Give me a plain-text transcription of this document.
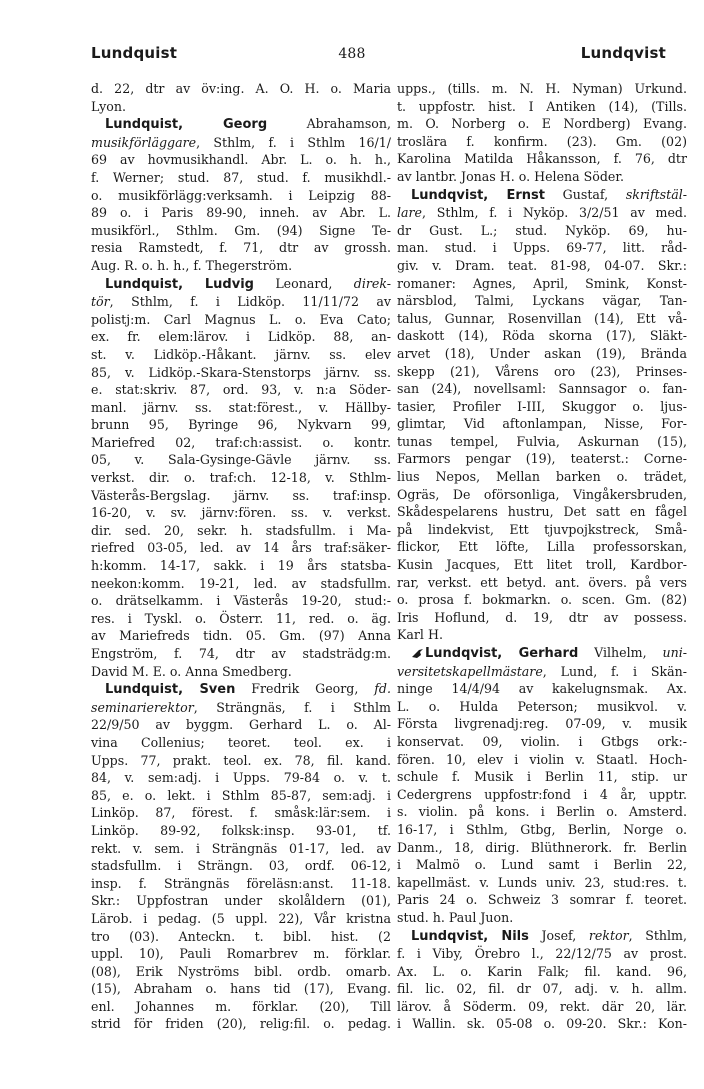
Lundquist	488	Lundqvist
d. 22, dtr av öv:ing. A. O. H. o. Maria
Lyon.
Lundquist, Georg Abrahamson,
musikförläggare, Sthlm, f. i Sthlm 16/1/
69 av hovmusikhandl. Abr. L. o. h. h.,
f. Werner; stud. 87, stud. f. musikhdl.-
o. musikförlägg:verksamh. i Leipzig 88-
89 o. i Paris 89-90, inneh. av Abr. L.
musikförl., Sthlm. Gm. (94) Signe Te-
resia Ramstedt, f. 71, dtr av grossh.
Aug. R. o. h. h., f. Thegerström.
Lundquist, Ludvig Leonard, direk-
tör, Sthlm, f. i Lidköp. 11/11/72 av
polistj:m. Carl Magnus L. o. Eva Cato;
ex. fr. elem:lärov. i Lidköp. 88, an-
st. v. Lidköp.-Håkant. järnv. ss. elev
85, v. Lidköp.-Skara-Stenstorps järnv. ss.
e. stat:skriv. 87, ord. 93, v. n:a Söder-
manl. järnv. ss. stat:förest., v. Hällby-
brunn 95, Byringe 96, Nykvarn 99,
Mariefred 02, traf:ch:assist. o. kontr.
05, v. Sala-Gysinge-Gävle järnv. ss.
verkst. dir. o. traf:ch. 12-18, v. Sthlm-
Västerås-Bergslag. järnv. ss. traf:insp.
16-20, v. sv. järnv:fören. ss. v. verkst.
dir. sed. 20, sekr. h. stadsfullm. i Ma-
riefred 03-05, led. av 14 års traf:säker-
h:komm. 14-17, sakk. i 19 års statsba-
neekon:komm. 19-21, led. av stadsfullm.
o. drätselkamm. i Västerås 19-20, stud:-
res. i Tyskl. o. Österr. 11, red. o. äg.
av Mariefreds tidn. 05. Gm. (97) Anna
Engström, f. 74, dtr av stadsträdg:m.
David M. E. o. Anna Smedberg.
Lundquist, Sven Fredrik Georg, fd.
seminarierektor, Strängnäs, f. i Sthlm
22/9/50 av byggm. Gerhard L. o. Al-
vina Collenius; teoret. teol. ex. i
Upps. 77, prakt. teol. ex. 78, fil. kand.
84, v. sem:adj. i Upps. 79-84 o. v. t.
85, e. o. lekt. i Sthlm 85-87, sem:adj. i
Linköp. 87, förest. f. småsk:lär:sem. i
Linköp. 89-92, folksk:insp. 93-01, tf.
rekt. v. sem. i Strängnäs 01-17, led. av
stadsfullm. i Strängn. 03, ordf. 06-12,
insp. f. Strängnäs föreläsn:anst. 11-18.
Skr.: Uppfostran under skolåldern (01),
Lärob. i pedag. (5 uppl. 22), Vår kristna
tro (03). Anteckn. t. bibl. hist. (2
uppl. 10), Pauli Romarbrev m. förklar.
(08), Erik Nyströms bibl. ordb. omarb.
(15), Abraham o. hans tid (17), Evang.
enl. Johannes m. förklar. (20), Till
strid för friden (20), relig:fil. o. pedag.
upps., (tills. m. N. H. Nyman) Urkund.
t. uppfostr. hist. I Antiken (14), (Tills.
m. O. Norberg o. E Nordberg) Evang.
troslära f. konfirm. (23). Gm. (02)
Karolina Matilda Håkansson, f. 76, dtr
av lantbr. Jonas H. o. Helena Söder.
Lundqvist, Ernst Gustaf, skriftstäl-
lare, Sthlm, f. i Nyköp. 3/2/51 av med.
dr Gust. L.; stud. Nyköp. 69, hu-
man. stud. i Upps. 69-77, litt. råd-
giv. v. Dram. teat. 81-98, 04-07. Skr.:
romaner: Agnes, April, Smink, Konst-
närsblod, Talmi, Lyckans vägar, Tan-
talus, Gunnar, Rosenvillan (14), Ett vå-
daskott (14), Röda skorna (17), Släkt-
arvet (18), Under askan (19), Brända
skepp (21), Vårens oro (23), Prinses-
san (24), novellsaml: Sannsagor o. fan-
tasier, Profiler I-III, Skuggor o. ljus-
glimtar, Vid aftonlampan, Nisse, For-
tunas tempel, Fulvia, Askurnan (15),
Farmors pengar (19), teaterst.: Corne-
lius Nepos, Mellan barken o. trädet,
Ogräs, De oförsonliga, Vingåkersbruden,
Skådespelarens hustru, Det satt en fågel
på lindekvist, Ett tjuvpojkstreck, Små-
flickor, Ett löfte, Lilla professorskan,
Kusin Jacques, Ett litet troll, Kardbor-
rar, verkst. ett betyd. ant. övers. på vers
o. prosa f. bokmarkn. o. scen. Gm. (82)
Iris Hoflund, d. 19, dtr av possess.
Karl H.
Lundqvist, Gerhard Vilhelm, uni-
versitetskapellmästare, Lund, f. i Skän-
ninge 14/4/94 av kakelugnsmak. Ax.
L. o. Hulda Peterson; musikvol. v.
Första livgrenadj:reg. 07-09, v. musik
konservat. 09, violin. i Gtbgs ork:-
fören. 10, elev i violin v. Staatl. Hoch-
schule f. Musik i Berlin 11, stip. ur
Cedergrens uppfostr:fond i 4 år, upptr.
s. violin. på kons. i Berlin o. Amsterd.
16-17, i Sthlm, Gtbg, Berlin, Norge o.
Danm., 18, dirig. Blüthnerork. fr. Berlin
i Malmö o. Lund samt i Berlin 22,
kapellmäst. v. Lunds univ. 23, stud:res. t.
Paris 24 o. Schweiz 3 somrar f. teoret.
stud. h. Paul Juon.
Lundqvist, Nils Josef, rektor, Sthlm,
f. i Viby, Örebro l., 22/12/75 av prost.
Ax. L. o. Karin Falk; fil. kand. 96,
fil. lic. 02, fil. dr 07, adj. v. h. allm.
lärov. å Söderm. 09, rekt. där 20, lär.
i Wallin. sk. 05-08 o. 09-20. Skr.: Kon-
